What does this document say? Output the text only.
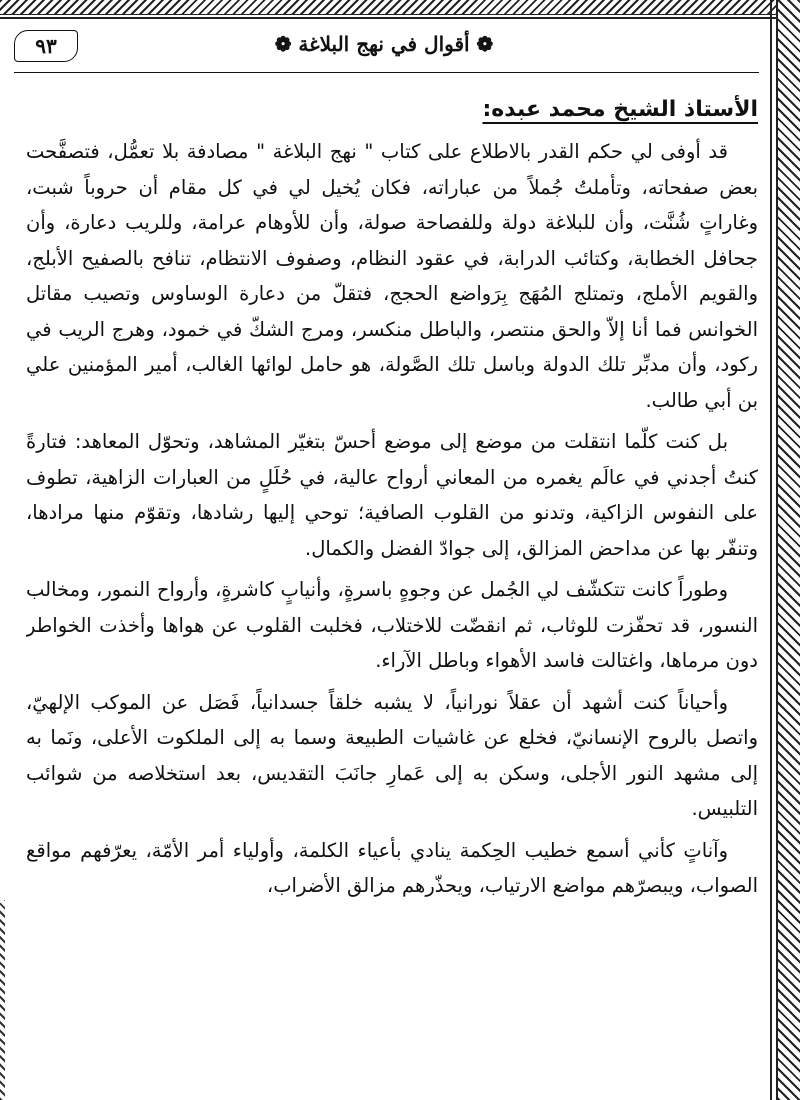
٩٣	❁ أقوال في نهج البلاغة ❁
الأستاذ الشيخ محمد عبده:

قد أوفى لي حكم القدر بالاطلاع على كتاب " نهج البلاغة " مصادفة بلا تعمُّل، فتصفَّحت بعض صفحاته، وتأملتُ جُملاً من عباراته، فكان يُخيل لي في كل مقام أن حروباً شبت، وغاراتٍ شُنَّت، وأن للبلاغة دولة وللفصاحة صولة، وأن للأوهام عرامة، وللريب دعارة، وأن جحافل الخطابة، وكتائب الدرابة، في عقود النظام، وصفوف الانتظام، تنافح بالصفيح الأبلج، والقويم الأملج، وتمتلج المُهَج بِرَواضع الحجج، فتقلّ من دعارة الوساوس وتصيب مقاتل الخوانس فما أنا إلاّ والحق منتصر، والباطل منكسر، ومرج الشكّ في خمود، وهرج الريب في ركود، وأن مدبِّر تلك الدولة وباسل تلك الصَّولة، هو حامل لوائها الغالب، أمير المؤمنين علي بن أبي طالب.

بل كنت كلّما انتقلت من موضع إلى موضع أحسّ بتغيّر المشاهد، وتحوّل المعاهد: فتارةً كنتُ أجدني في عالَم يغمره من المعاني أرواح عالية، في حُلَلٍ من العبارات الزاهية، تطوف على النفوس الزاكية، وتدنو من القلوب الصافية؛ توحي إليها رشادها، وتقوّم منها مرادها، وتنفّر بها عن مداحض المزالق، إلى جوادّ الفضل والكمال.

وطوراً كانت تتكشّف لي الجُمل عن وجوهٍ باسرةٍ، وأنيابٍ كاشرةٍ، وأرواح النمور، ومخالب النسور، قد تحفّزت للوثاب، ثم انقضّت للاختلاب، فخلبت القلوب عن هواها وأخذت الخواطر دون مرماها، واغتالت فاسد الأهواء وباطل الآراء.

وأحياناً كنت أشهد أن عقلاً نورانياً، لا يشبه خلقاً جسدانياً، فَصَل عن الموكب الإلهيّ، واتصل بالروح الإنسانيّ، فخلع عن غاشيات الطبيعة وسما به إلى الملكوت الأعلى، ونَما به إلى مشهد النور الأجلى، وسكن به إلى عَمارِ جانَبَ التقديس، بعد استخلاصه من شوائب التلبيس.

وآناتٍ كأني أسمع خطيب الحِكمة ينادي بأعياء الكلمة، وأولياء أمر الأمّة، يعرّفهم مواقع الصواب، ويبصرّهم مواضع الارتياب، ويحذّرهم مزالق الأضراب،
